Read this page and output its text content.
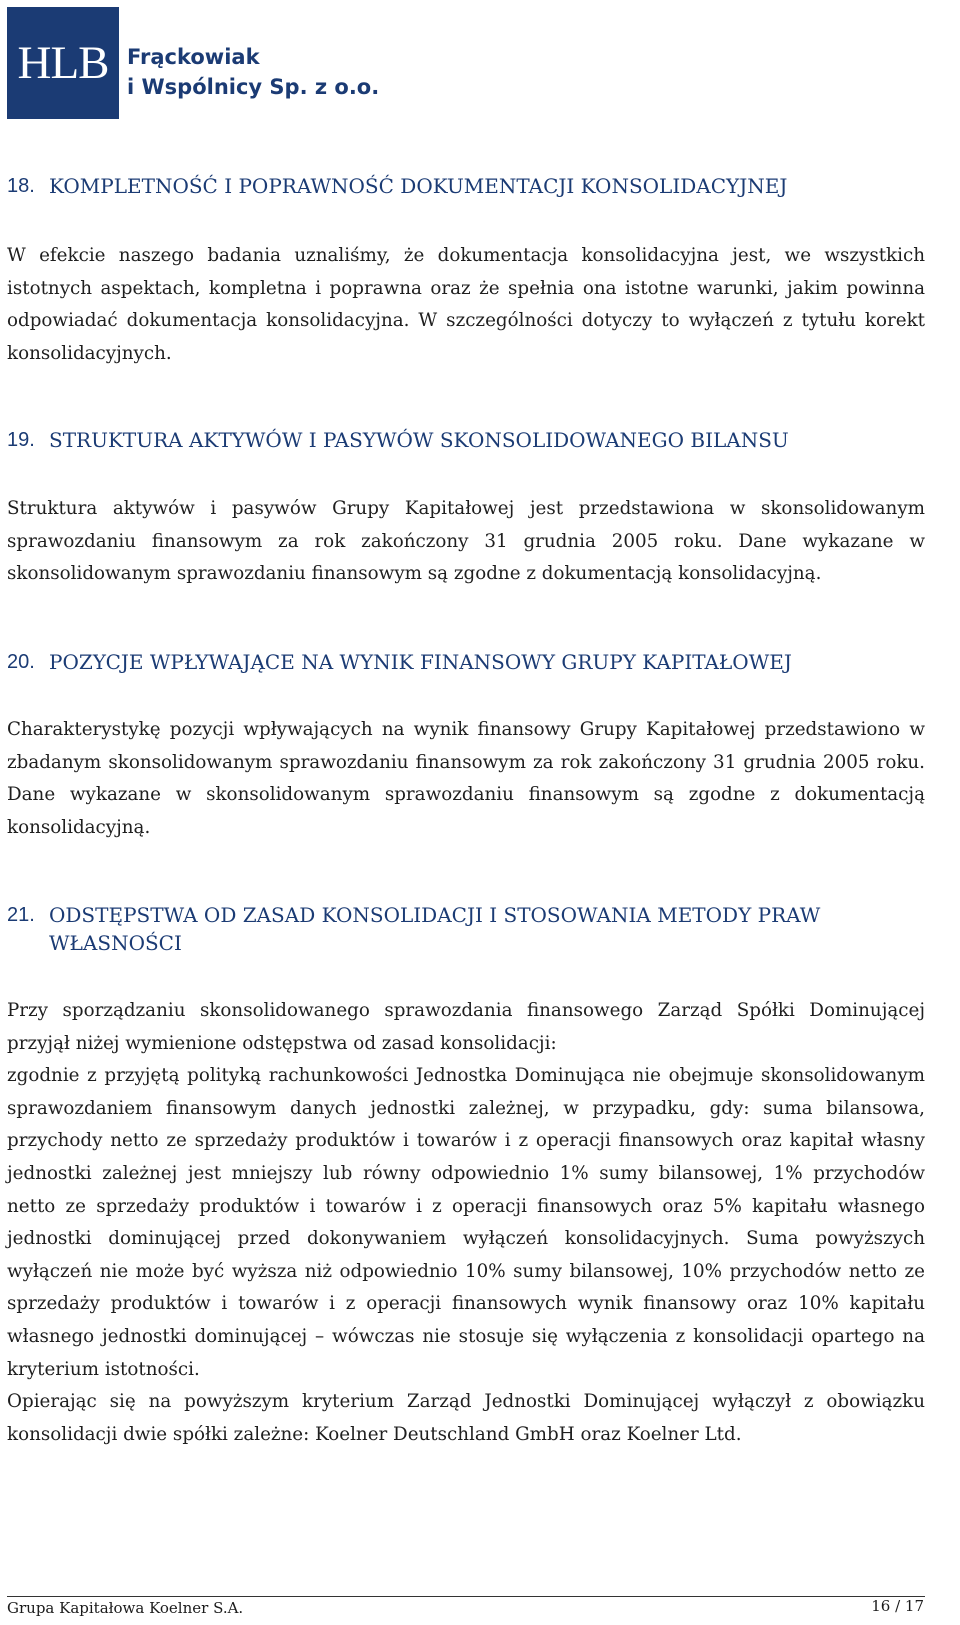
HLB Frąckowiak
i Wspólnicy Sp. z o.o.
18. KOMPLETNOŚĆ I POPRAWNOŚĆ DOKUMENTACJI KONSOLIDACYJNEJ

W efekcie naszego badania uznaliśmy, że dokumentacja konsolidacyjna jest, we wszystkich istotnych aspektach, kompletna i poprawna oraz że spełnia ona istotne warunki, jakim powinna odpowiadać dokumentacja konsolidacyjna. W szczególności dotyczy to wyłączeń z tytułu korekt konsolidacyjnych.

19. STRUKTURA AKTYWÓW I PASYWÓW SKONSOLIDOWANEGO BILANSU

Struktura aktywów i pasywów Grupy Kapitałowej jest przedstawiona w skonsolidowanym sprawozdaniu finansowym za rok zakończony 31 grudnia 2005 roku. Dane wykazane w skonsolidowanym sprawozdaniu finansowym są zgodne z dokumentacją konsolidacyjną.

20. POZYCJE WPŁYWAJĄCE NA WYNIK FINANSOWY GRUPY KAPITAŁOWEJ

Charakterystykę pozycji wpływających na wynik finansowy Grupy Kapitałowej przedstawiono w zbadanym skonsolidowanym sprawozdaniu finansowym za rok zakończony 31 grudnia 2005 roku. Dane wykazane w skonsolidowanym sprawozdaniu finansowym są zgodne z dokumentacją konsolidacyjną.

21. ODSTĘPSTWA OD ZASAD KONSOLIDACJI I STOSOWANIA METODY PRAW WŁASNOŚCI

Przy sporządzaniu skonsolidowanego sprawozdania finansowego Zarząd Spółki Dominującej przyjął niżej wymienione odstępstwa od zasad konsolidacji:

zgodnie z przyjętą polityką rachunkowości Jednostka Dominująca nie obejmuje skonsolidowanym sprawozdaniem finansowym danych jednostki zależnej, w przypadku, gdy: suma bilansowa, przychody netto ze sprzedaży produktów i towarów i z operacji finansowych oraz kapitał własny jednostki zależnej jest mniejszy lub równy odpowiednio 1% sumy bilansowej, 1% przychodów netto ze sprzedaży produktów i towarów i z operacji finansowych oraz 5% kapitału własnego jednostki dominującej przed dokonywaniem wyłączeń konsolidacyjnych. Suma powyższych wyłączeń nie może być wyższa niż odpowiednio 10% sumy bilansowej, 10% przychodów netto ze sprzedaży produktów i towarów i z operacji finansowych wynik finansowy oraz 10% kapitału własnego jednostki dominującej – wówczas nie stosuje się wyłączenia z konsolidacji opartego na kryterium istotności.

Opierając się na powyższym kryterium Zarząd Jednostki Dominującej wyłączył z obowiązku konsolidacji dwie spółki zależne: Koelner Deutschland GmbH oraz Koelner Ltd.

Grupa Kapitałowa Koelner S.A.	16 / 17
